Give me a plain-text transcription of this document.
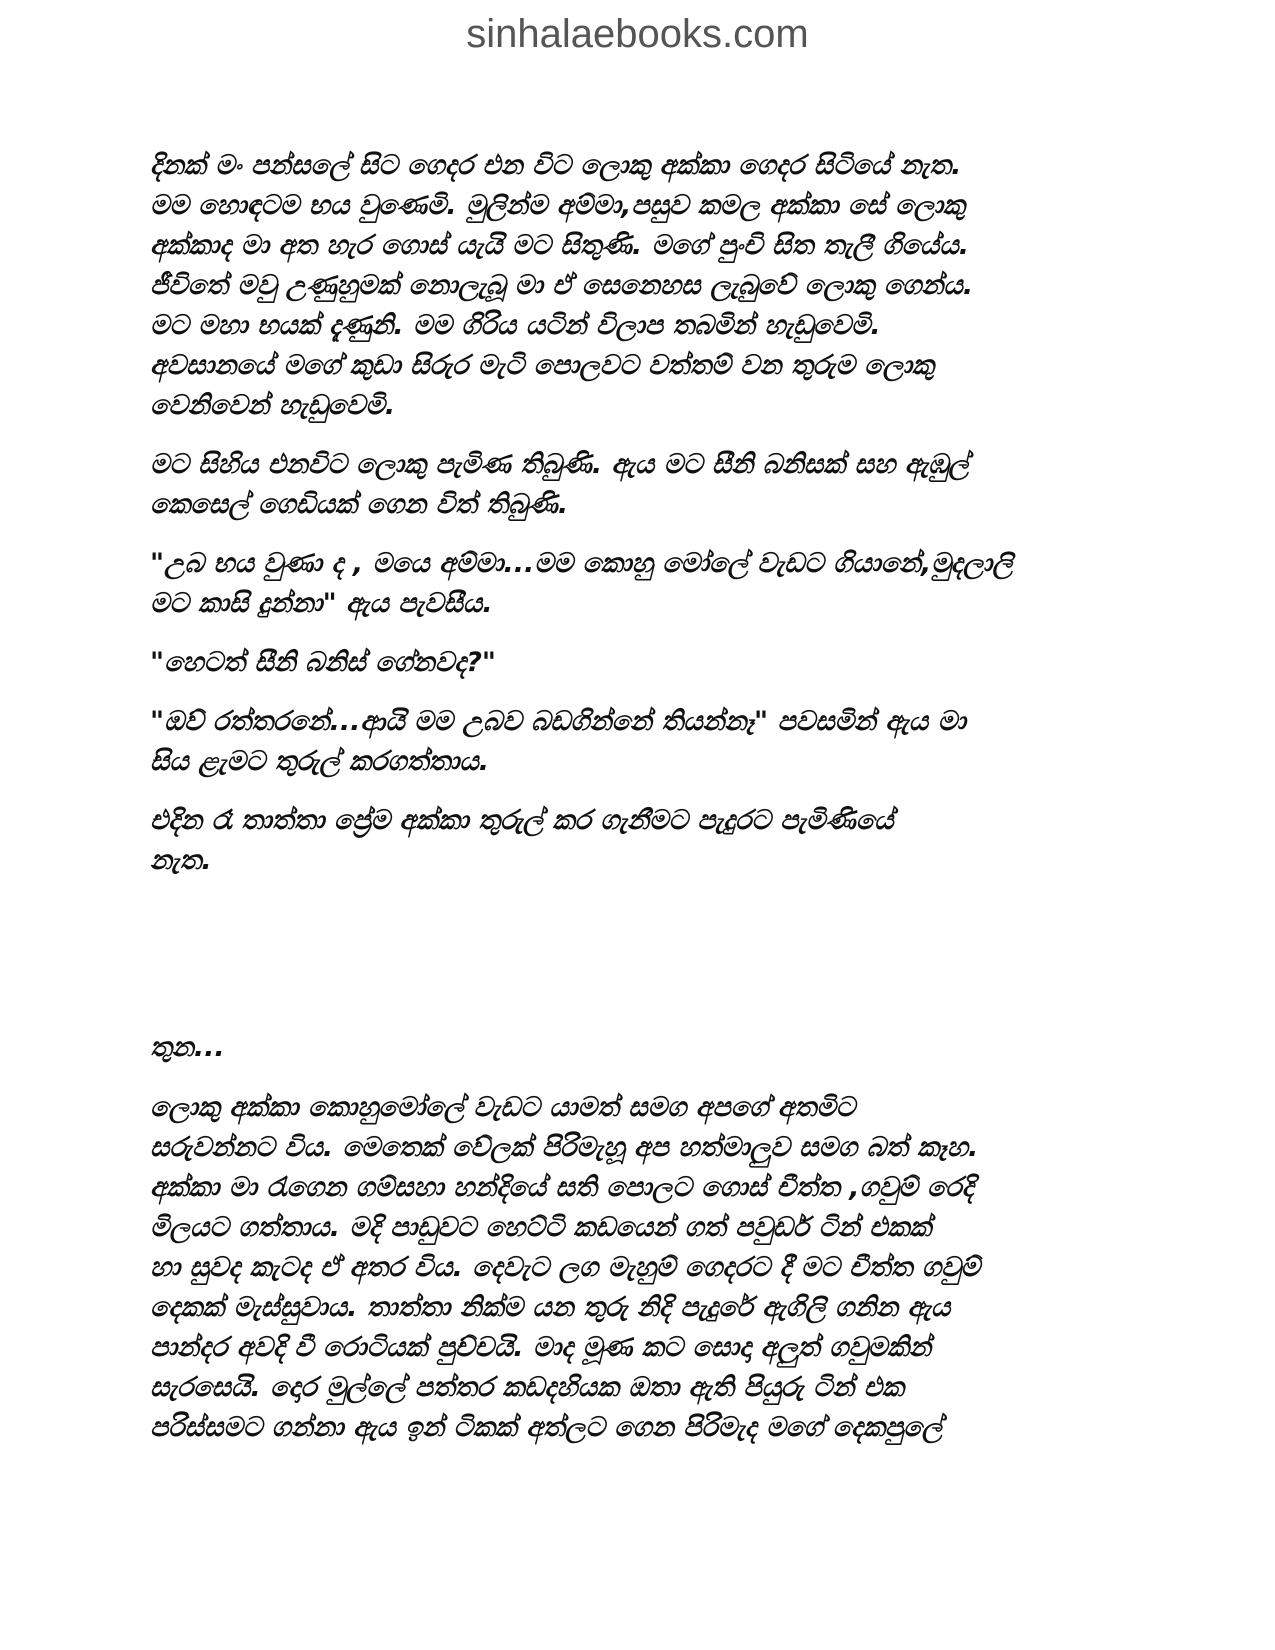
sinhalaebooks.com
දිනක් මං පන්සලේ සිට ගෙදර එන විට ලොකු අක්කා ගෙදර සිටියේ නැත.
මම හොඳටම භය වුණෙමි. මුලින්ම අම්මා,පසුව කමල අක්කා සේ ලොකු
අක්කාද මා අත හැර ගොස් යැයි මට සිතුණි. මගේ පුංචි සිත තැලී ගියේය.
ජීවිතේ මවු උණුහුමක් නොලැබූ මා ඒ සෙනෙහස ලැබුවේ ලොකු ගෙන්ය.
මට මහා භයක් දැණුනි. මම ගිරිය යටින් විලාප තබමින් හැඩුවෙමි.
අවසානයේ මගේ කුඩා සිරුර මැටි පොලවට වත්තම් වන තුරුම ලොකු
වෙනිවෙන් හැඩුවෙමි.
මට සිහිය එනවිට ලොකු පැමිණ තිබුණි. ඇය මට සීනි බනිසක් සහ ඇඹුල්
කෙසෙල් ගෙඩියක් ගෙන විත් තිබුණි.
"උබ භය වුණා ද , මයෙ අම්මා...මම කොහු මෝලේ වැඩට ගියානේ,මුදලාලි
මට කාසි දුන්නා" ඇය පැවසීය.
"හෙටත් සීනි බනිස් ගේනවද?"
"ඔව් රත්තරනේ...ආයි මම උබව බඩගින්නේ තියන්නෑ" පවසමින් ඇය මා
සිය ළැමට තුරුල් කරගත්තාය.
එදින රෑ තාත්තා ප්‍රේම අක්කා තුරුල් කර ගැනීමට පැදුරට පැමිණියේ
නැත.
තුන...
ලොකු අක්කා කොහුමෝලේ වැඩට යාමත් සමග අපගේ අතමිට
සරුවන්නට විය. මෙතෙක් වේලක් පිරිමැහූ අප හත්මාලුව සමග බත් කෑහ.
අක්කා මා රැගෙන ගම්සහා හන්දියේ සති පොලට ගොස් චීත්ත ,ගවුම් රෙදි
මිලයට ගත්තාය. මදි පාඩුවට හෙට්ටි කඩයෙන් ගත් පවුඩර් ටින් එකක්
හා සුවද කැටද ඒ අතර විය. දෙවැට ලග මැහුම් ගෙදරට දී මට චීත්ත ගවුම්
දෙකක් මැස්සුවාය. තාත්තා නික්ම යන තුරු නිදි පැදුරේ ඇගිලි ගනින ඇය
පාන්දර අවදි වී රොටියක් පුච්චයි. මාද මූණ කට සොදා අලුත් ගවුමකින්
සැරසෙයි. දොර මුල්ලේ පත්තර කඩදහියක ඔතා ඇති පියුරු ටින් එක
පරිස්සමට ගන්නා ඇය ඉන් ටිකක් අත්ලට ගෙන පිරිමැද මගේ දෙකපුලේ
